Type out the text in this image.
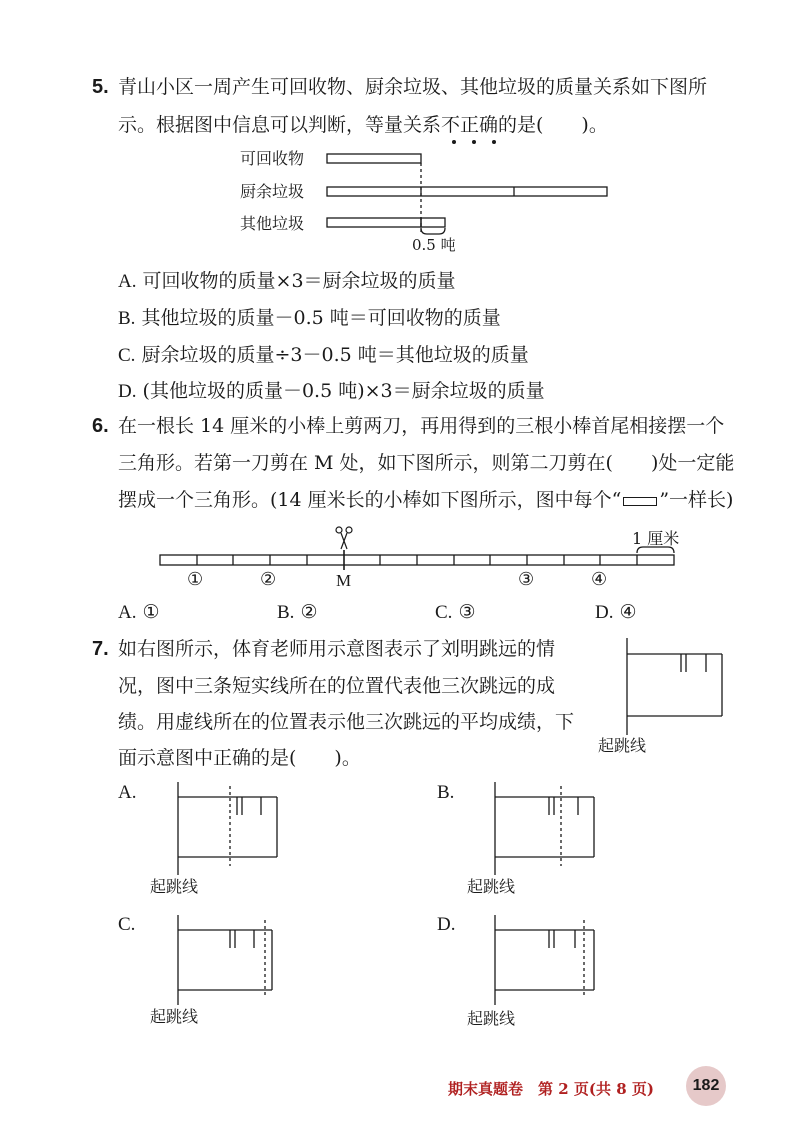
5. 青山小区一周产生可回收物、厨余垃圾、其他垃圾的质量关系如下图所
示。根据图中信息可以判断，等量关系不正确的是(　　)。
可回收物
厨余垃圾
其他垃圾
0.5 吨
A. 可回收物的质量×3＝厨余垃圾的质量
B. 其他垃圾的质量－0.5 吨＝可回收物的质量
C. 厨余垃圾的质量÷3－0.5 吨＝其他垃圾的质量
D. (其他垃圾的质量－0.5 吨)×3＝厨余垃圾的质量
6. 在一根长 14 厘米的小棒上剪两刀，再用得到的三根小棒首尾相接摆一个
三角形。若第一刀剪在 M 处，如下图所示，则第二刀剪在(　　)处一定能
摆成一个三角形。(14 厘米长的小棒如下图所示，图中每个“ ”一样长)
1 厘米
①	②	M	③	④
A. ①	B. ②	C. ③	D. ④
7. 如右图所示，体育老师用示意图表示了刘明跳远的情
况，图中三条短实线所在的位置代表他三次跳远的成
绩。用虚线所在的位置表示他三次跳远的平均成绩，下
面示意图中正确的是(　　)。
起跳线
A.
起跳线
B.
起跳线
C.
起跳线
D.
起跳线
期末真题卷　第 2 页(共 8 页) 182
